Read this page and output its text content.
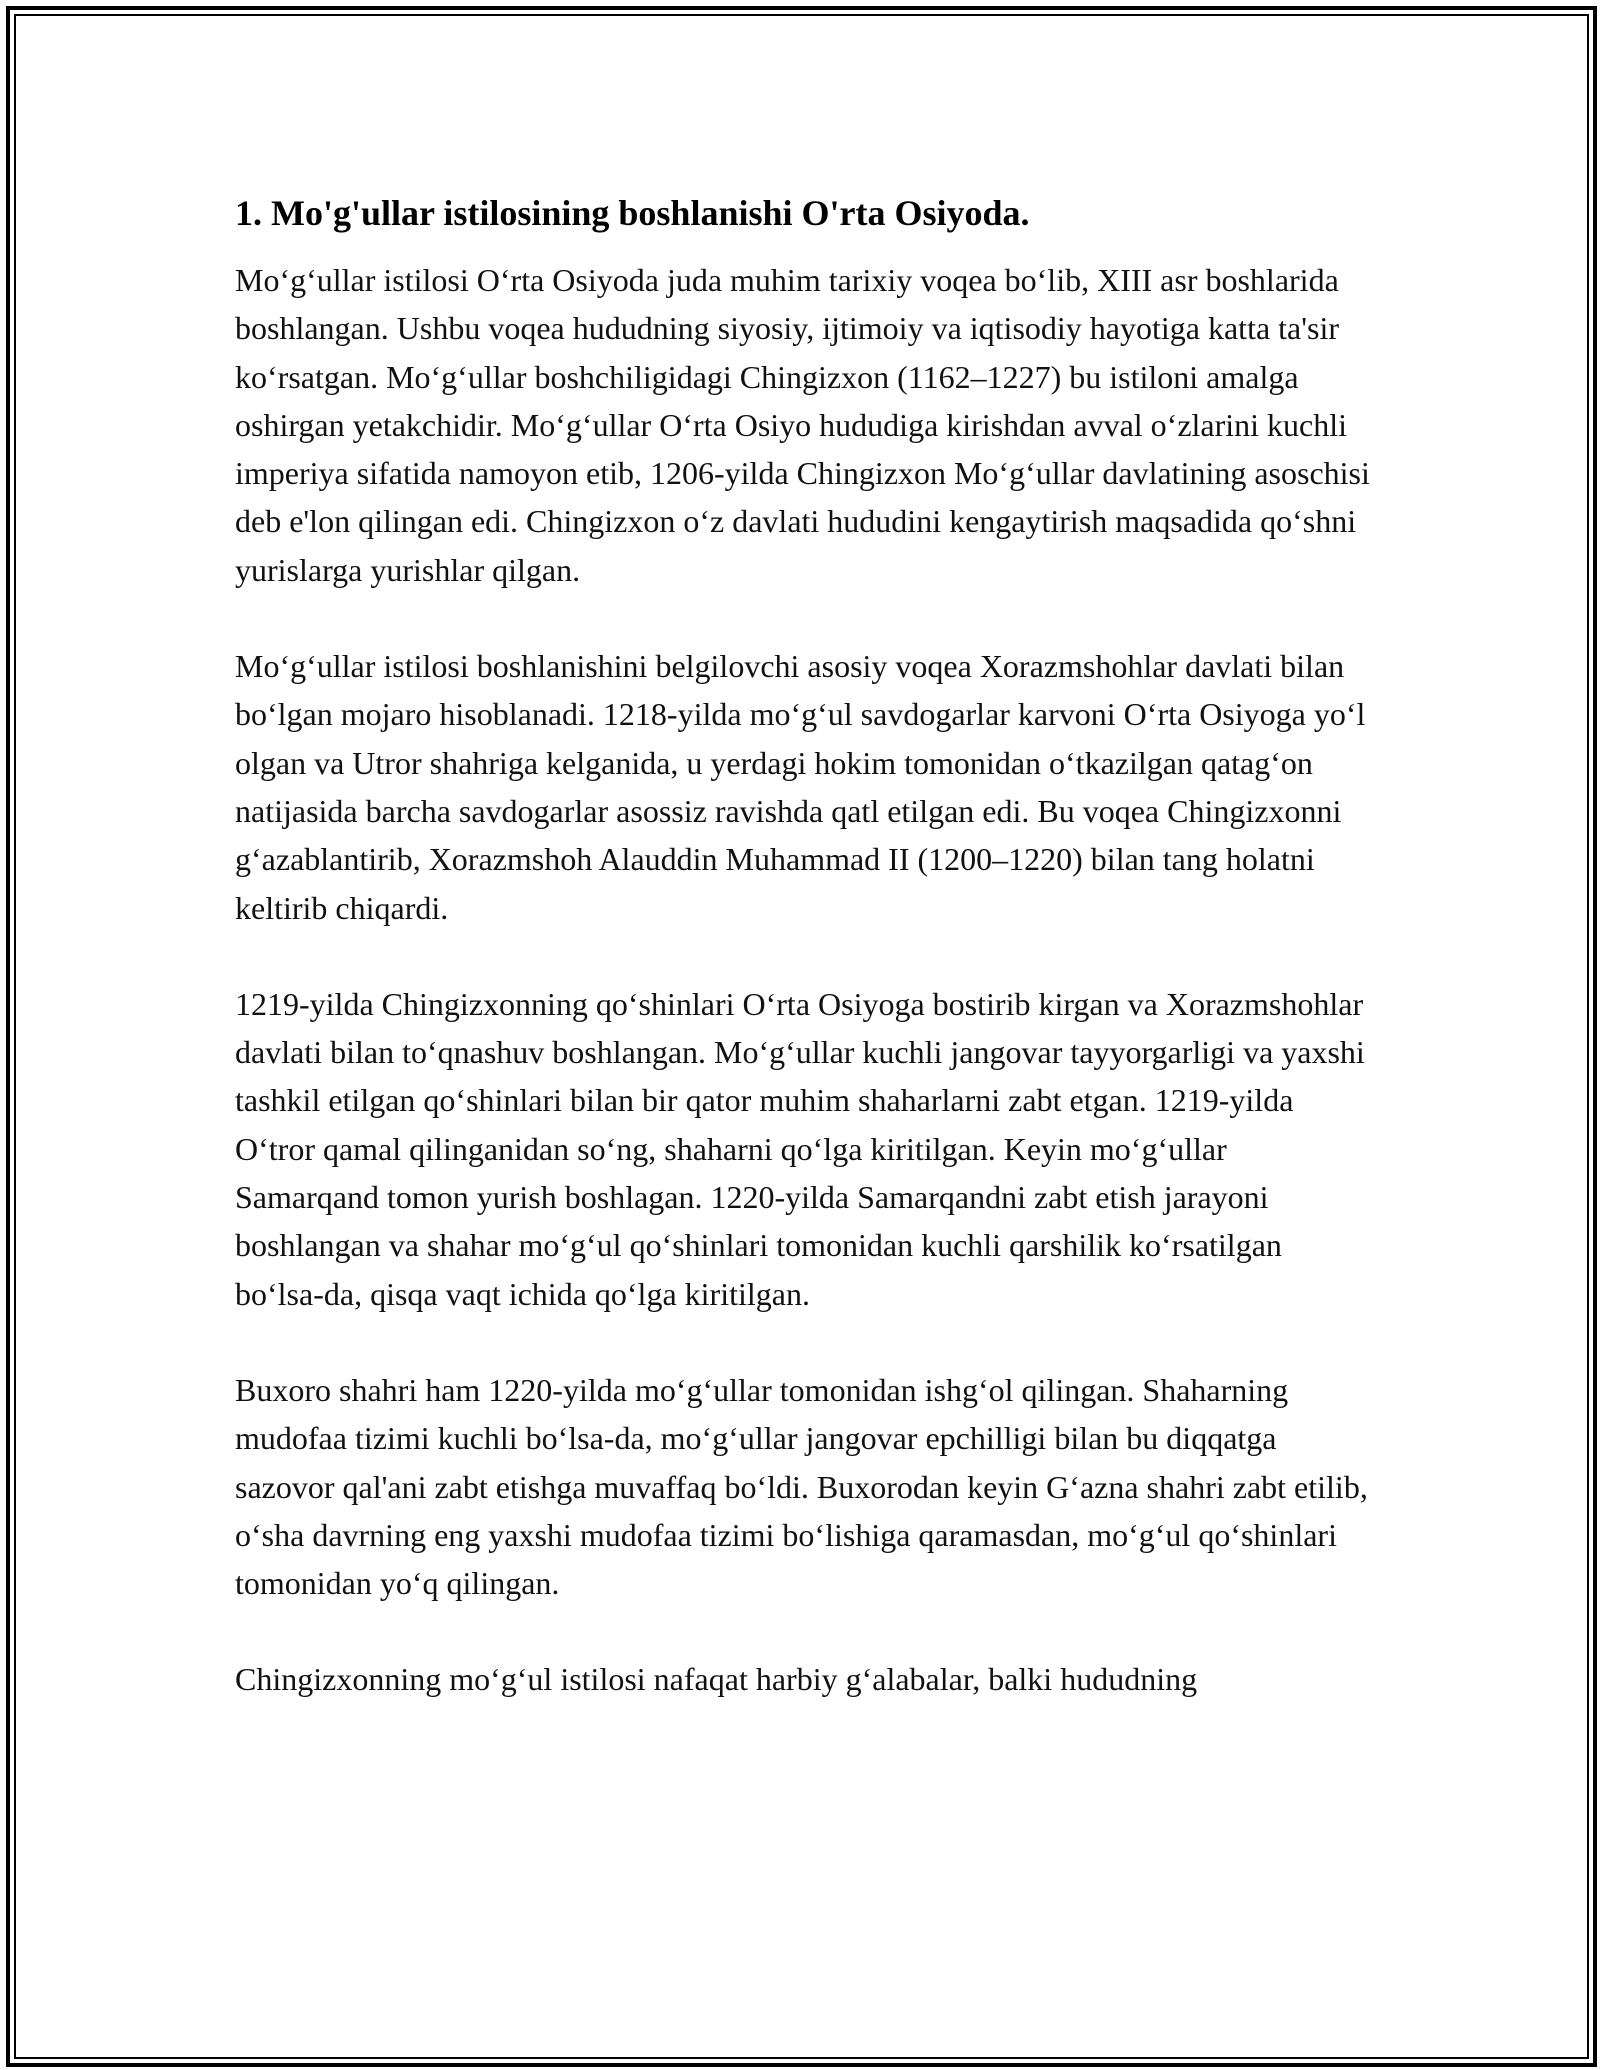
1. Mo'g'ullar istilosining boshlanishi O'rta Osiyoda.

Mo‘g‘ullar istilosi O‘rta Osiyoda juda muhim tarixiy voqea bo‘lib, XIII asr boshlarida boshlangan. Ushbu voqea hududning siyosiy, ijtimoiy va iqtisodiy hayotiga katta ta'sir ko‘rsatgan. Mo‘g‘ullar boshchiligidagi Chingizxon (1162–1227) bu istiloni amalga oshirgan yetakchidir. Mo‘g‘ullar O‘rta Osiyo hududiga kirishdan avval o‘zlarini kuchli imperiya sifatida namoyon etib, 1206-yilda Chingizxon Mo‘g‘ullar davlatining asoschisi deb e'lon qilingan edi. Chingizxon o‘z davlati hududini kengaytirish maqsadida qo‘shni yurislarga yurishlar qilgan.

Mo‘g‘ullar istilosi boshlanishini belgilovchi asosiy voqea Xorazmshohlar davlati bilan bo‘lgan mojaro hisoblanadi. 1218-yilda mo‘g‘ul savdogarlar karvoni O‘rta Osiyoga yo‘l olgan va Utror shahriga kelganida, u yerdagi hokim tomonidan o‘tkazilgan qatag‘on natijasida barcha savdogarlar asossiz ravishda qatl etilgan edi. Bu voqea Chingizxonni g‘azablantirib, Xorazmshoh Alauddin Muhammad II (1200–1220) bilan tang holatni keltirib chiqardi.

1219-yilda Chingizxonning qo‘shinlari O‘rta Osiyoga bostirib kirgan va Xorazmshohlar davlati bilan to‘qnashuv boshlangan. Mo‘g‘ullar kuchli jangovar tayyorgarligi va yaxshi tashkil etilgan qo‘shinlari bilan bir qator muhim shaharlarni zabt etgan. 1219-yilda O‘tror qamal qilinganidan so‘ng, shaharni qo‘lga kiritilgan. Keyin mo‘g‘ullar Samarqand tomon yurish boshlagan. 1220-yilda Samarqandni zabt etish jarayoni boshlangan va shahar mo‘g‘ul qo‘shinlari tomonidan kuchli qarshilik ko‘rsatilgan bo‘lsa-da, qisqa vaqt ichida qo‘lga kiritilgan.

Buxoro shahri ham 1220-yilda mo‘g‘ullar tomonidan ishg‘ol qilingan. Shaharning mudofaa tizimi kuchli bo‘lsa-da, mo‘g‘ullar jangovar epchilligi bilan bu diqqatga sazovor qal'ani zabt etishga muvaffaq bo‘ldi. Buxorodan keyin G‘azna shahri zabt etilib, o‘sha davrning eng yaxshi mudofaa tizimi bo‘lishiga qaramasdan, mo‘g‘ul qo‘shinlari tomonidan yo‘q qilingan.

Chingizxonning mo‘g‘ul istilosi nafaqat harbiy g‘alabalar, balki hududning
